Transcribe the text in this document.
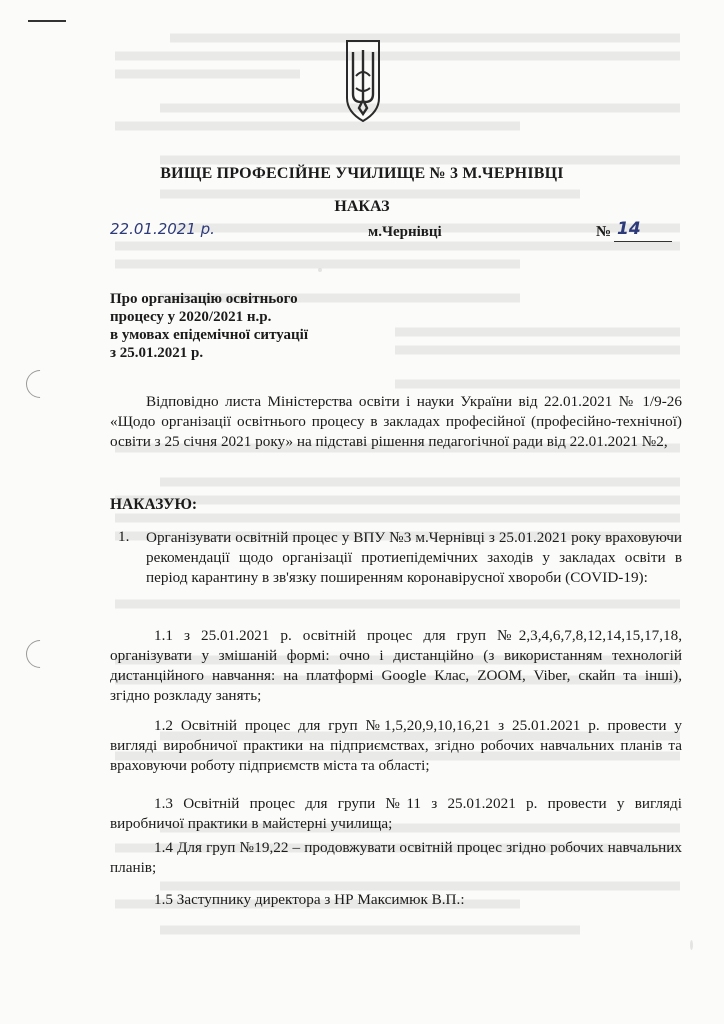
ВИЩЕ ПРОФЕСІЙНЕ УЧИЛИЩЕ № 3 М.ЧЕРНІВЦІ
НАКАЗ
22.01.2021 р.	м.Чернівці	№ 14
Про організацію освітнього
процесу у 2020/2021 н.р.
в умовах епідемічної ситуації
з 25.01.2021 р.
Відповідно листа Міністерства освіти і науки України від 22.01.2021 № 1/9-26 «Щодо організації освітнього процесу в закладах професійної (професійно-технічної) освіти з 25 січня 2021 року» на підставі рішення педагогічної ради від 22.01.2021 №2,
НАКАЗУЮ:
1. Організувати освітній процес у ВПУ №3 м.Чернівці з 25.01.2021 року враховуючи рекомендації щодо організації протиепідемічних заходів у закладах освіти в період карантину в зв'язку поширенням коронавірусної хвороби (COVID-19):
1.1 з 25.01.2021 р. освітній процес для груп №2,3,4,6,7,8,12,14,15,17,18, організувати у змішаній формі: очно і дистанційно (з використанням технологій дистанційного навчання: на платформі Google Клас, ZOOM, Viber, скайп та інші), згідно розкладу занять;
1.2 Освітній процес для груп №1,5,20,9,10,16,21 з 25.01.2021 р. провести у вигляді виробничої практики на підприємствах, згідно робочих навчальних планів та враховуючи роботу підприємств міста та області;
1.3 Освітній процес для групи №11 з 25.01.2021 р. провести у вигляді виробничої практики в майстерні училища;
1.4 Для груп №19,22 – продовжувати освітній процес згідно робочих навчальних планів;
1.5 Заступнику директора з НР Максимюк В.П.:
